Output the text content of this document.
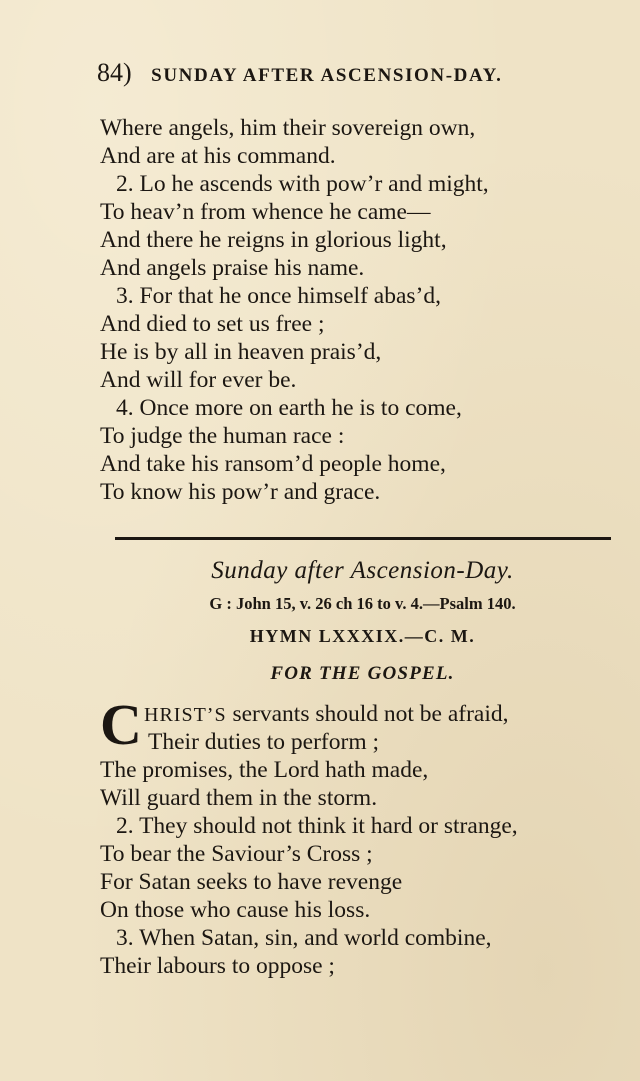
84) SUNDAY AFTER ASCENSION-DAY.
Where angels, him their sovereign own,
And are at his command.
2. Lo he ascends with pow’r and might,
To heav’n from whence he came—
And there he reigns in glorious light,
And angels praise his name.
3. For that he once himself abas’d,
And died to set us free ;
He is by all in heaven prais’d,
And will for ever be.
4. Once more on earth he is to come,
To judge the human race :
And take his ransom’d people home,
To know his pow’r and grace.
Sunday after Ascension-Day.
G : John 15, v. 26 ch 16 to v. 4.—Psalm 140.
HYMN LXXXIX.—C. M.
FOR THE GOSPEL.
C HRIST’S servants should not be afraid,
Their duties to perform ;
The promises, the Lord hath made,
Will guard them in the storm.
2. They should not think it hard or strange,
To bear the Saviour’s Cross ;
For Satan seeks to have revenge
On those who cause his loss.
3. When Satan, sin, and world combine,
Their labours to oppose ;
